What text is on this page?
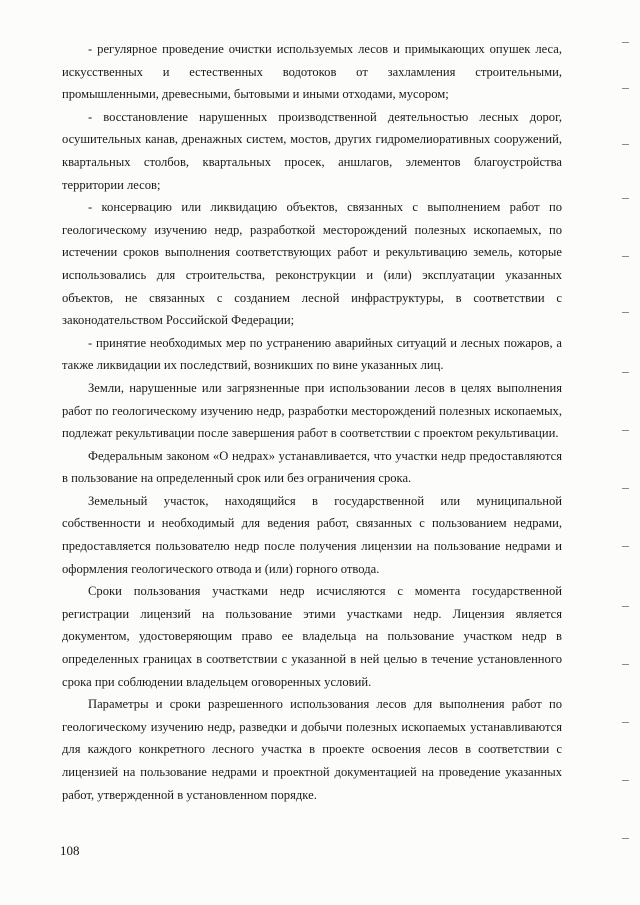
- регулярное проведение очистки используемых лесов и примыкающих опушек леса, искусственных и естественных водотоков от захламления строительными, промышленными, древесными, бытовыми и иными отходами, мусором;

- восстановление нарушенных производственной деятельностью лесных дорог, осушительных канав, дренажных систем, мостов, других гидромелиоративных сооружений, квартальных столбов, квартальных просек, аншлагов, элементов благоустройства территории лесов;

- консервацию или ликвидацию объектов, связанных с выполнением работ по геологическому изучению недр, разработкой месторождений полезных ископаемых, по истечении сроков выполнения соответствующих работ и рекультивацию земель, которые использовались для строительства, реконструкции и (или) эксплуатации указанных объектов, не связанных с созданием лесной инфраструктуры, в соответствии с законодательством Российской Федерации;

- принятие необходимых мер по устранению аварийных ситуаций и лесных пожаров, а также ликвидации их последствий, возникших по вине указанных лиц.

Земли, нарушенные или загрязненные при использовании лесов в целях выполнения работ по геологическому изучению недр, разработки месторождений полезных ископаемых, подлежат рекультивации после завершения работ в соответствии с проектом рекультивации.

Федеральным законом «О недрах» устанавливается, что участки недр предоставляются в пользование на определенный срок или без ограничения срока.

Земельный участок, находящийся в государственной или муниципальной собственности и необходимый для ведения работ, связанных с пользованием недрами, предоставляется пользователю недр после получения лицензии на пользование недрами и оформления геологического отвода и (или) горного отвода.

Сроки пользования участками недр исчисляются с момента государственной регистрации лицензий на пользование этими участками недр. Лицензия является документом, удостоверяющим право ее владельца на пользование участком недр в определенных границах в соответствии с указанной в ней целью в течение установленного срока при соблюдении владельцем оговоренных условий.

Параметры и сроки разрешенного использования лесов для выполнения работ по геологическому изучению недр, разведки и добычи полезных ископаемых устанавливаются для каждого конкретного лесного участка в проекте освоения лесов в соответствии с лицензией на пользование недрами и проектной документацией на проведение указанных работ, утвержденной в установленном порядке.

108
